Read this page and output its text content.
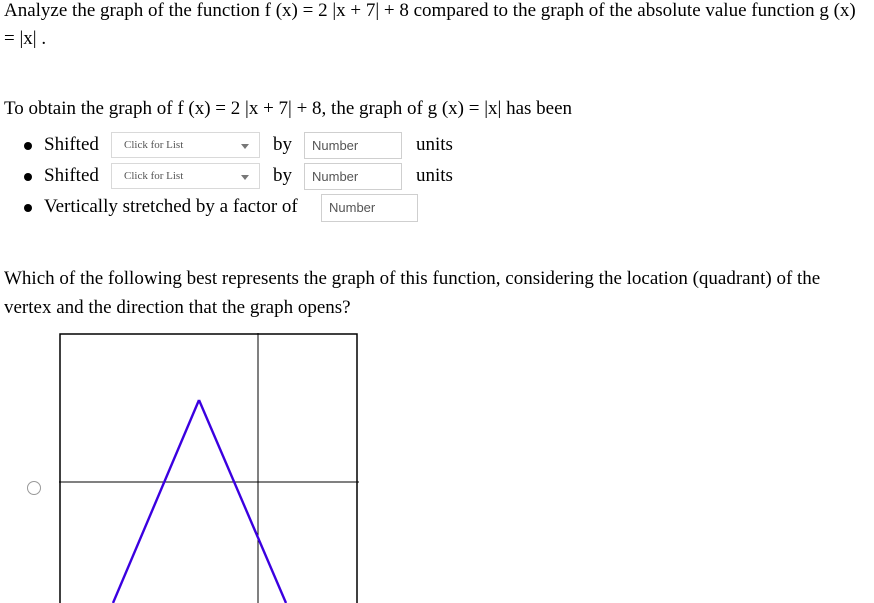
Analyze the graph of the function f (x) = 2 |x + 7| + 8 compared to the graph of the absolute value function g (x) = |x| .
To obtain the graph of f (x) = 2 |x + 7| + 8, the graph of g (x) = |x| has been
Shifted	Click for List	by	Number	units
Shifted	Click for List	by	Number	units
Vertically stretched by a factor of	Number
Which of the following best represents the graph of this function, considering the location (quadrant) of the vertex and the direction that the graph opens?
